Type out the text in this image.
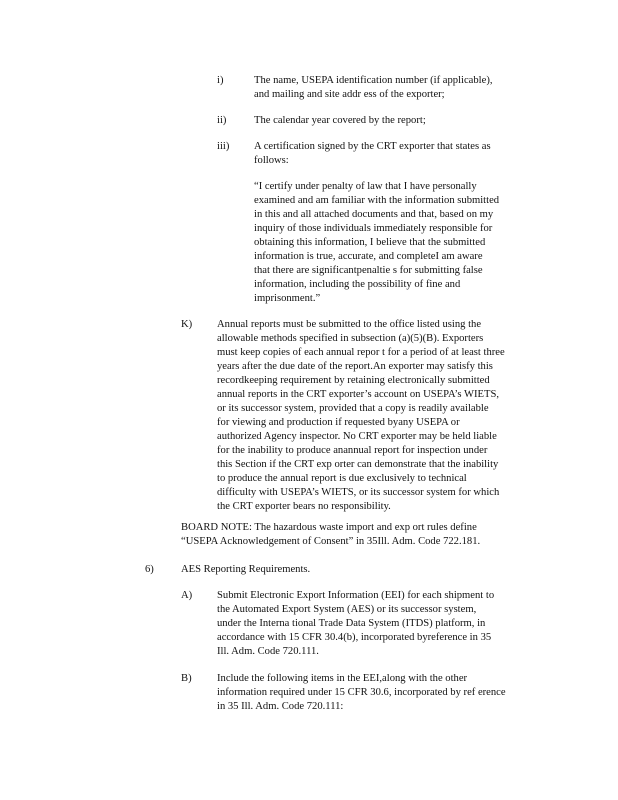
i)	The name, USEPA identification number (if applicable),
and mailing and site addr ess of the exporter;
ii)	The calendar year covered by the report;
iii) A certification signed by the CRT exporter that states as
follows:
“I certify under penalty of law that I have personally
examined and am familiar with the information submitted
in this and all attached documents and that, based on my
inquiry of those individuals immediately responsible for
obtaining this information, I believe that the submitted
information is true, accurate, and completeI am aware
that there are significantpenaltie s for submitting false
information, including the possibility of fine and
imprisonment.”
K) Annual reports must be submitted to the office listed using the
allowable methods specified in subsection (a)(5)(B). Exporters
must keep copies of each annual repor t for a period of at least three
years after the due date of the report.An exporter may satisfy this
recordkeeping requirement by retaining electronically submitted
annual reports in the CRT exporter’s account on USEPA’s WIETS,
or its successor system, provided that a copy is readily available
for viewing and production if requested byany USEPA or
authorized Agency inspector. No CRT exporter may be held liable
for the inability to produce anannual report for inspection under
this Section if the CRT exp orter can demonstrate that the inability
to produce the annual report is due exclusively to technical
difficulty with USEPA’s WIETS, or its successor system for which
the CRT exporter bears no responsibility.
BOARD NOTE: The hazardous waste import and exp ort rules define
“USEPA Acknowledgement of Consent” in 35Ill. Adm. Code 722.181.
6)	AES Reporting Requirements.
A) Submit Electronic Export Information (EEI) for each shipment to
the Automated Export System (AES) or its successor system,
under the Interna tional Trade Data System (ITDS) platform, in
accordance with 15 CFR 30.4(b), incorporated byreference in 35
Ill. Adm. Code 720.111.
B) Include the following items in the EEI,along with the other
information required under 15 CFR 30.6, incorporated by ref erence
in 35 Ill. Adm. Code 720.111:
